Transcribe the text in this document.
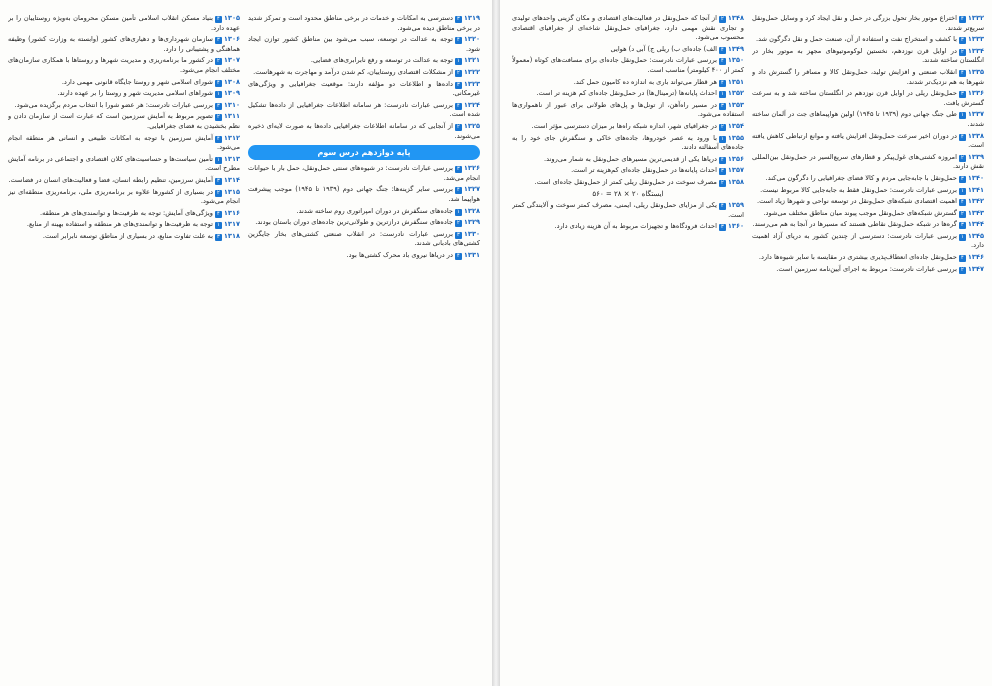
۱۳۱۹۳دسترسی به امکانات و خدمات در برخی مناطق محدود است و تمرکز شدید در برخی مناطق دیده می‌شود.

۱۳۲۰۴توجه به عدالت در توسعه، سبب می‌شود بین مناطق کشور توازن ایجاد شود.

۱۳۲۱۱توجه به عدالت در توسعه و رفع نابرابری‌های فضایی.

۱۳۲۲۲از مشکلات اقتصادی روستاییان، کم شدن درآمد و مهاجرت به شهرهاست.

۱۳۲۳۳داده‌ها و اطلاعات دو مؤلفه دارند: موقعیت جغرافیایی و ویژگی‌های غیرمکانی.

۱۳۲۴۴بررسی عبارات نادرست: هر سامانه اطلاعات جغرافیایی از داده‌ها تشکیل شده است.

۱۳۲۵۲از آنجایی که در سامانه اطلاعات جغرافیایی داده‌ها به صورت لایه‌ای ذخیره می‌شوند.

پایه دوازدهم درس سوم

۱۳۲۶۳بررسی عبارات نادرست: در شیوه‌های سنتی حمل‌ونقل، حمل بار با حیوانات انجام می‌شد.

۱۳۲۷۴بررسی سایر گزینه‌ها: جنگ جهانی دوم (۱۹۳۹ تا ۱۹۴۵) موجب پیشرفت هواپیما شد.

۱۳۲۸۱جاده‌های سنگفرش در دوران امپراتوری روم ساخته شدند.

۱۳۲۹۲جاده‌های سنگفرش درازترین و طولانی‌ترین جاده‌های دوران باستان بودند.

۱۳۳۰۳بررسی عبارات نادرست: در انقلاب صنعتی کشتی‌های بخار جایگزین کشتی‌های بادبانی شدند.

۱۳۳۱۴در دریاها نیروی باد محرک کشتی‌ها بود.

۱۳۰۵۴بنیاد مسکن انقلاب اسلامی تأمین مسکن محرومان به‌ویژه روستاییان را بر عهده دارد.

۱۳۰۶۳سازمان شهرداری‌ها و دهیاری‌های کشور (وابسته به وزارت کشور) وظیفه هماهنگی و پشتیبانی را دارد.

۱۳۰۷۲در کشور ما برنامه‌ریزی و مدیریت شهرها و روستاها با همکاری سازمان‌های مختلف انجام می‌شود.

۱۳۰۸۴شورای اسلامی شهر و روستا جایگاه قانونی مهمی دارد.

۱۳۰۹۱شوراهای اسلامی مدیریت شهر و روستا را بر عهده دارند.

۱۳۱۰۳بررسی عبارات نادرست: هر عضو شورا با انتخاب مردم برگزیده می‌شود.

۱۳۱۱۲تصویر مربوط به آمایش سرزمین است که عبارت است از سازمان دادن و نظم بخشیدن به فضای جغرافیایی.

۱۳۱۲۴آمایش سرزمین با توجه به امکانات طبیعی و انسانی هر منطقه انجام می‌شود.

۱۳۱۳۱تأمین سیاست‌ها و حساسیت‌های کلان اقتصادی و اجتماعی در برنامه آمایش مطرح است.

۱۳۱۴۳آمایش سرزمین، تنظیم رابطه انسان، فضا و فعالیت‌های انسان در فضاست.

۱۳۱۵۲در بسیاری از کشورها علاوه بر برنامه‌ریزی ملی، برنامه‌ریزی منطقه‌ای نیز انجام می‌شود.

۱۳۱۶۴ویژگی‌های آمایش: توجه به ظرفیت‌ها و توانمندی‌های هر منطقه.

۱۳۱۷۱توجه به ظرفیت‌ها و توانمندی‌های هر منطقه و استفاده بهینه از منابع.

۱۳۱۸۳به علت تفاوت منابع، در بسیاری از مناطق توسعه نابرابر است.

۱۳۳۲۴اختراع موتور بخار تحول بزرگی در حمل و نقل ایجاد کرد و وسایل حمل‌ونقل سریع‌تر شدند.

۱۳۳۳۳با کشف و استخراج نفت و استفاده از آن، صنعت حمل و نقل دگرگون شد.

۱۳۳۴۲در اوایل قرن نوزدهم، نخستین لوکوموتیوهای مجهز به موتور بخار در انگلستان ساخته شدند.

۱۳۳۵۴انقلاب صنعتی و افزایش تولید، حمل‌ونقل کالا و مسافر را گسترش داد و شهرها به هم نزدیک‌تر شدند.

۱۳۳۶۳حمل‌ونقل ریلی در اوایل قرن نوزدهم در انگلستان ساخته شد و به سرعت گسترش یافت.

۱۳۳۷۱طی جنگ جهانی دوم (۱۹۳۹ تا ۱۹۴۵) اولین هواپیماهای جت در آلمان ساخته شدند.

۱۳۳۸۴در دوران اخیر سرعت حمل‌ونقل افزایش یافته و موانع ارتباطی کاهش یافته است.

۱۳۳۹۲امروزه کشتی‌های غول‌پیکر و قطارهای سریع‌السیر در حمل‌ونقل بین‌المللی نقش دارند.

۱۳۴۰۳حمل‌ونقل با جابه‌جایی مردم و کالا فضای جغرافیایی را دگرگون می‌کند.

۱۳۴۱۱بررسی عبارات نادرست: حمل‌ونقل فقط به جابه‌جایی کالا مربوط نیست.

۱۳۴۲۴اهمیت اقتصادی شبکه‌های حمل‌ونقل در توسعه نواحی و شهرها زیاد است.

۱۳۴۳۲گسترش شبکه‌های حمل‌ونقل موجب پیوند میان مناطق مختلف می‌شود.

۱۳۴۴۳گره‌ها در شبکه حمل‌ونقل نقاطی هستند که مسیرها در آنجا به هم می‌رسند.

۱۳۴۵۱بررسی عبارات نادرست: دسترسی از چندین کشور به دریای آزاد اهمیت دارد.

۱۳۴۶۴حمل‌ونقل جاده‌ای انعطاف‌پذیری بیشتری در مقایسه با سایر شیوه‌ها دارد.

۱۳۴۷۲بررسی عبارات نادرست: مربوط به اجرای آیین‌نامه سرزمین است.

۱۳۴۸۲از آنجا که حمل‌ونقل در فعالیت‌های اقتصادی و مکان گزینی واحدهای تولیدی و تجاری نقش مهمی دارد، جغرافیای حمل‌ونقل شاخه‌ای از جغرافیای اقتصادی محسوب می‌شود.

۱۳۴۹۴الف) جاده‌ای ب) ریلی ج) آبی د) هوایی

۱۳۵۰۴بررسی عبارات نادرست: حمل‌ونقل جاده‌ای برای مسافت‌های کوتاه (معمولاً کمتر از ۴۰۰ کیلومتر) مناسب است.

۱۳۵۱۴هر قطار می‌تواند باری به اندازه ده کامیون حمل کند.

۱۳۵۲۱احداث پایانه‌ها (ترمینال‌ها) در حمل‌ونقل جاده‌ای کم هزینه تر است.

۱۳۵۳۳در مسیر راه‌آهن، از تونل‌ها و پل‌های طولانی برای عبور از ناهمواری‌ها استفاده می‌شود.

۱۳۵۴۲در جغرافیای شهر، اندازه شبکه راه‌ها بر میزان دسترسی مؤثر است.

۱۳۵۵۱با ورود به عصر خودروها، جاده‌های خاکی و سنگفرش جای خود را به جاده‌های آسفالته دادند.

۱۳۵۶۴دریاها یکی از قدیمی‌ترین مسیرهای حمل‌ونقل به شمار می‌روند.

۱۳۵۷۳احداث پایانه‌ها در حمل‌ونقل جاده‌ای کم‌هزینه تر است.

۱۳۵۸۲مصرف سوخت در حمل‌ونقل ریلی کمتر از حمل‌ونقل جاده‌ای است.

ایستگاه ۲۰ × ۲۸ = ۵۶۰

۱۳۵۹۴یکی از مزایای حمل‌ونقل ریلی، ایمنی، مصرف کمتر سوخت و آلایندگی کمتر است.

۱۳۶۰۳احداث فرودگاه‌ها و تجهیزات مربوط به آن هزینه زیادی دارد.
